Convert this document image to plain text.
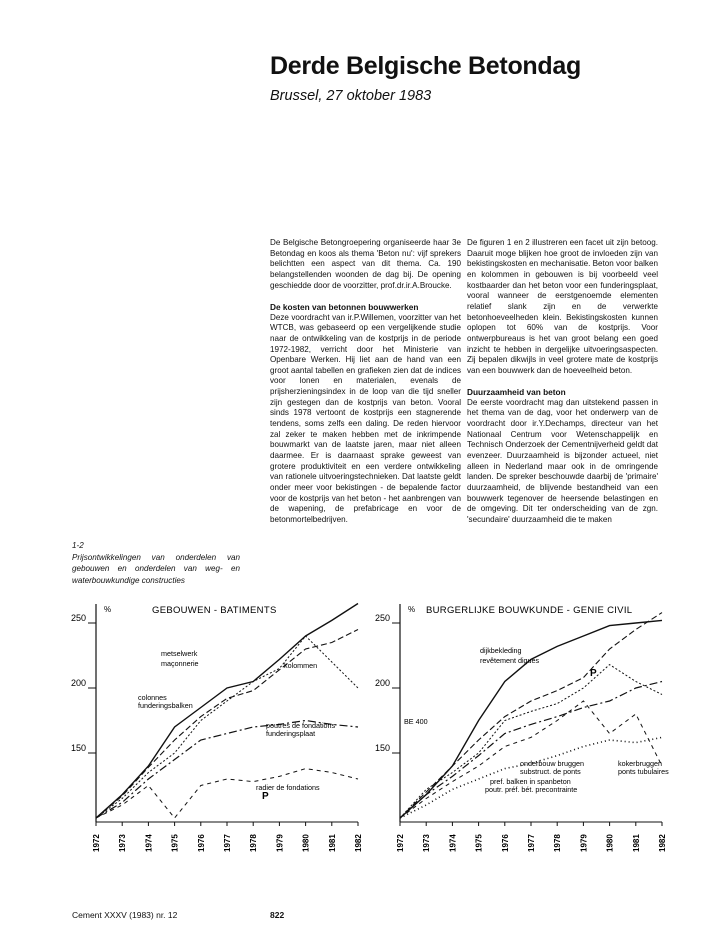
Derde Belgische Betondag
Brussel, 27 oktober 1983

De Belgische Betongroepering organiseerde haar 3e Betondag en koos als thema 'Beton nu': vijf sprekers belichtten een aspect van dit thema. Ca. 190 belangstellenden woonden de dag bij. De opening geschiedde door de voorzitter, prof.dr.ir.A.Broucke.

De kosten van betonnen bouwwerken

Deze voordracht van ir.P.Willemen, voorzitter van het WTCB, was gebaseerd op een vergelijkende studie naar de ontwikkeling van de kostprijs in de periode 1972-1982, verricht door het Ministerie van Openbare Werken. Hij liet aan de hand van een groot aantal tabellen en grafieken zien dat de indices voor lonen en materialen, evenals de prijsherzieningsindex in de loop van die tijd sneller zijn gestegen dan de kostprijs van beton. Vooral sinds 1978 vertoont de kostprijs een stagnerende tendens, soms zelfs een daling. De reden hiervoor zal zeker te maken hebben met de inkrimpende bouwmarkt van de laatste jaren, maar niet alleen daarmee. Er is daarnaast sprake geweest van grotere produktiviteit en een verdere ontwikkeling van rationele uitvoeringstechnieken. Dat laatste geldt onder meer voor bekistingen - de bepalende factor voor de kostprijs van het beton - het aanbrengen van de wapening, de prefabricage en voor de betonmortelbedrijven.

De figuren 1 en 2 illustreren een facet uit zijn betoog. Daaruit moge blijken hoe groot de invloeden zijn van bekistingskosten en mechanisatie. Beton voor balken en kolommen in gebouwen is bij voorbeeld veel kostbaarder dan het beton voor een funderingsplaat, vooral wanneer de eerstgenoemde elementen relatief slank zijn en de verwerkte betonhoeveelheden klein. Bekistingskosten kunnen oplopen tot 60% van de kostprijs. Voor ontwerpbureaus is het van groot belang een goed inzicht te hebben in dergelijke uitvoeringsaspecten. Zij bepalen dikwijls in veel grotere mate de kostprijs van een bouwwerk dan de hoeveelheid beton.

Duurzaamheid van beton

De eerste voordracht mag dan uitstekend passen in het thema van de dag, voor het onderwerp van de voordracht door ir.Y.Dechamps, directeur van het Nationaal Centrum voor Wetenschappelijk en Technisch Onderzoek der Cementnijverheid geldt dat evenzeer. Duurzaamheid is bijzonder actueel, niet alleen in Nederland maar ook in de omringende landen. De spreker beschouwde daarbij de 'primaire' duurzaamheid, de blijvende bestandheid van een bouwwerk tegenover de heersende belastingen en de omgeving. Dit ter onderscheiding van de zgn. 'secundaire' duurzaamheid die te maken

1-2
Prijsontwikkelingen van onderdelen van gebouwen en onderdelen van weg- en waterbouwkundige constructies
%	GEBOUWEN - BATIMENTS
150
200
250
1972 1973 1974 1975 1976 1977 1978 1979 1980 1981 1982
metselwerk
maçonnerie	kolommen
colonnes
funderingsbalken
poutres de fondations
funderingsplaat
radier de fondations
P
% BURGERLIJKE BOUWKUNDE - GENIE CIVIL
150
200
250
1972 1973 1974 1975 1976 1977 1978 1979 1980 1981 1982
dijkbekleding
revêtement digues
BE 400
onderbouw bruggen
substruct. de ponts
kokerbruggen
ponts tubulaires
pref. balken in spanbeton
poutr. préf. bét. precontrainte
P
Cement XXXV (1983) nr. 12	822
